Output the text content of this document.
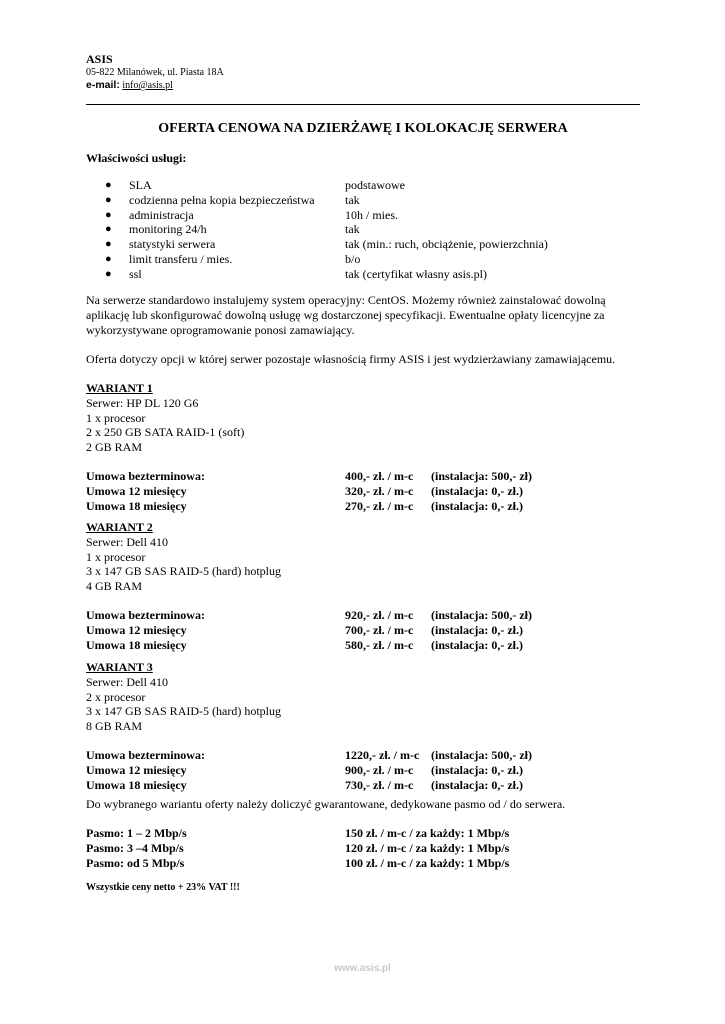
ASIS
05-822 Milanówek, ul. Piasta 18A
e-mail: info@asis.pl
OFERTA CENOWA NA DZIERŻAWĘ I KOLOKACJĘ SERWERA
Właściwości usługi:
● SLA	podstawowe
● codzienna pełna kopia bezpieczeństwa	tak
● administracja	10h / mies.
● monitoring 24/h	tak
● statystyki serwera	tak (min.: ruch, obciążenie, powierzchnia)
● limit transferu / mies.	b/o
● ssl	tak (certyfikat własny asis.pl)

Na serwerze standardowo instalujemy system operacyjny: CentOS. Możemy również zainstalować dowolną aplikację lub skonfigurować dowolną usługę wg dostarczonej specyfikacji. Ewentualne opłaty licencyjne za wykorzystywane oprogramowanie ponosi zamawiający.

Oferta dotyczy opcji w której serwer pozostaje własnością firmy ASIS i jest wydzierżawiany zamawiającemu.

WARIANT 1
Serwer: HP DL 120 G6
1 x procesor
2 x 250 GB SATA RAID-1 (soft)
2 GB RAM
Umowa bezterminowa:	400,- zł. / m-c (instalacja: 500,- zł)
Umowa 12 miesięcy	320,- zł. / m-c (instalacja: 0,- zł.)
Umowa 18 miesięcy	270,- zł. / m-c (instalacja: 0,- zł.)
WARIANT 2
Serwer: Dell 410
1 x procesor
3 x 147 GB SAS RAID-5 (hard) hotplug
4 GB RAM
Umowa bezterminowa:	920,- zł. / m-c (instalacja: 500,- zł)
Umowa 12 miesięcy	700,- zł. / m-c (instalacja: 0,- zł.)
Umowa 18 miesięcy	580,- zł. / m-c (instalacja: 0,- zł.)
WARIANT 3
Serwer: Dell 410
2 x procesor
3 x 147 GB SAS RAID-5 (hard) hotplug
8 GB RAM
Umowa bezterminowa:	1220,- zł. / m-c (instalacja: 500,- zł)
Umowa 12 miesięcy	900,- zł. / m-c (instalacja: 0,- zł.)
Umowa 18 miesięcy	730,- zł. / m-c (instalacja: 0,- zł.)

Do wybranego wariantu oferty należy doliczyć gwarantowane, dedykowane pasmo od / do serwera.

Pasmo: 1 – 2 Mbp/s	150 zł. / m-c / za każdy: 1 Mbp/s
Pasmo: 3 –4 Mbp/s	120 zł. / m-c / za każdy: 1 Mbp/s
Pasmo: od 5 Mbp/s	100 zł. / m-c / za każdy: 1 Mbp/s
Wszystkie ceny netto + 23% VAT !!!
www.asis.pl
